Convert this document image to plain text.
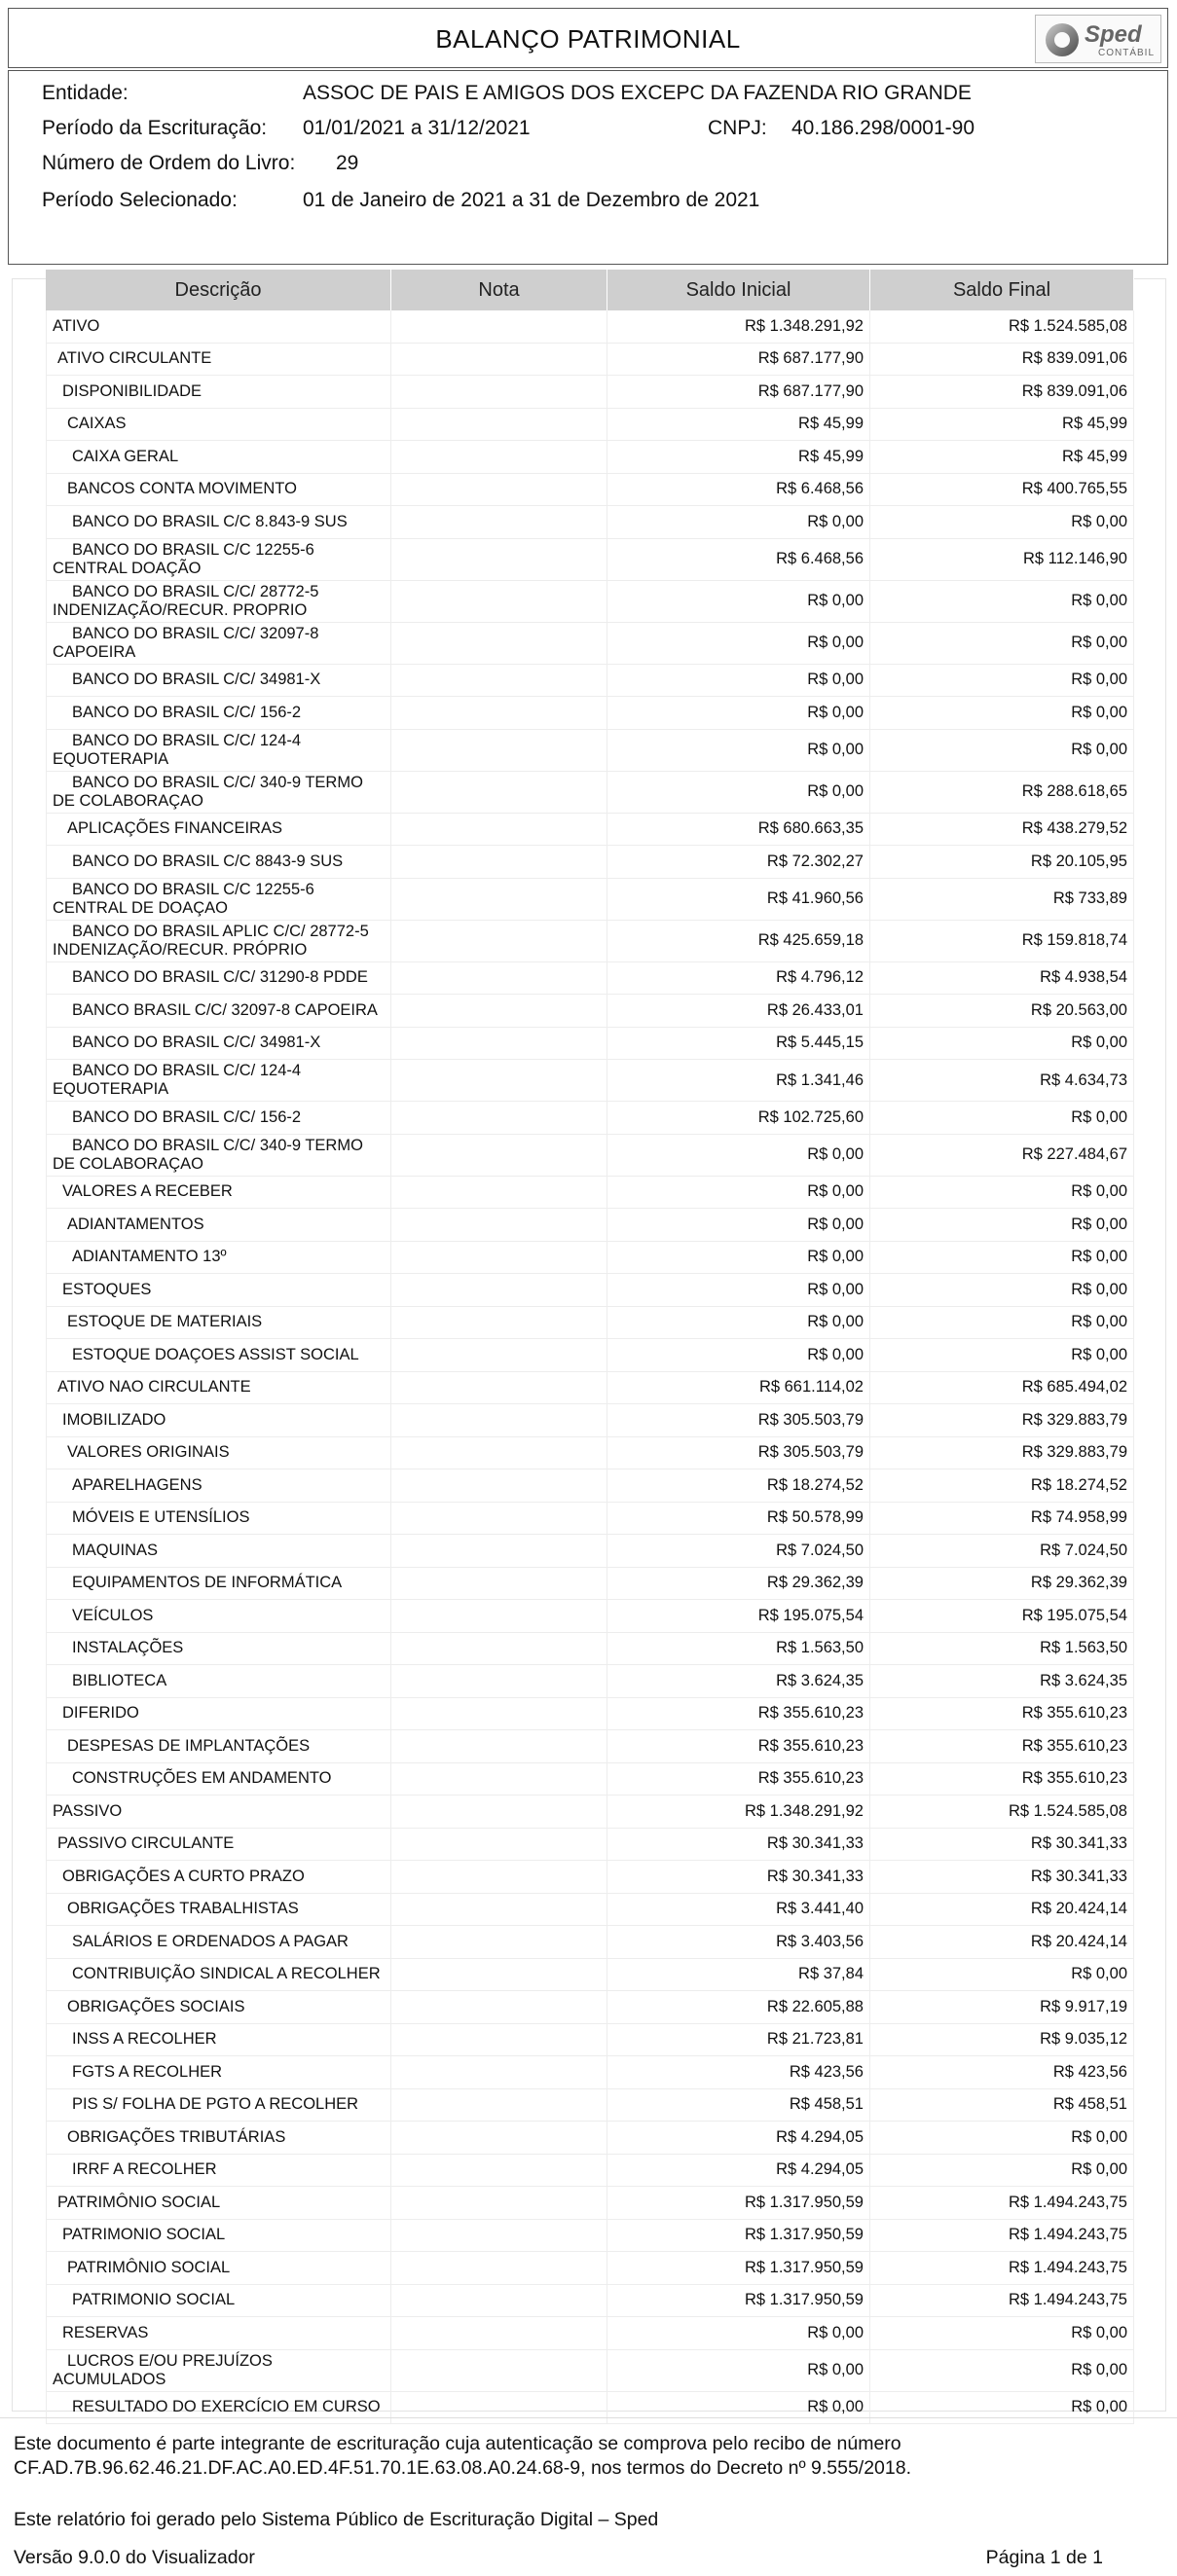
BALANÇO PATRIMONIAL	Sped
CONTÁBIL
Entidade:	ASSOC DE PAIS E AMIGOS DOS EXCEPC DA FAZENDA RIO GRANDE
Período da Escrituração: 01/01/2021 a 31/12/2021	CNPJ: 40.186.298/0001-90
Número de Ordem do Livro: 29
Período Selecionado:	01 de Janeiro de 2021 a 31 de Dezembro de 2021
Descrição	Nota	Saldo Inicial	Saldo Final
ATIVO	R$ 1.348.291,92	R$ 1.524.585,08
ATIVO CIRCULANTE	R$ 687.177,90	R$ 839.091,06
DISPONIBILIDADE	R$ 687.177,90	R$ 839.091,06
CAIXAS	R$ 45,99	R$ 45,99
CAIXA GERAL	R$ 45,99	R$ 45,99
BANCOS CONTA MOVIMENTO	R$ 6.468,56	R$ 400.765,55
BANCO DO BRASIL C/C 8.843-9 SUS	R$ 0,00	R$ 0,00
BANCO DO BRASIL C/C 12255-6
CENTRAL DOAÇÃO
R$ 6.468,56	R$ 112.146,90
BANCO DO BRASIL C/C/ 28772-5
INDENIZAÇÃO/RECUR. PROPRIO
R$ 0,00	R$ 0,00
BANCO DO BRASIL C/C/ 32097-8
CAPOEIRA
R$ 0,00	R$ 0,00
BANCO DO BRASIL C/C/ 34981-X	R$ 0,00	R$ 0,00
BANCO DO BRASIL C/C/ 156-2	R$ 0,00	R$ 0,00
BANCO DO BRASIL C/C/ 124-4
EQUOTERAPIA
R$ 0,00	R$ 0,00
BANCO DO BRASIL C/C/ 340-9 TERMO
DE COLABORAÇAO
R$ 0,00	R$ 288.618,65
APLICAÇÕES FINANCEIRAS	R$ 680.663,35	R$ 438.279,52
BANCO DO BRASIL C/C 8843-9 SUS	R$ 72.302,27	R$ 20.105,95
BANCO DO BRASIL C/C 12255-6
CENTRAL DE DOAÇAO
R$ 41.960,56	R$ 733,89
BANCO DO BRASIL APLIC C/C/ 28772-5
INDENIZAÇÃO/RECUR. PRÓPRIO
R$ 425.659,18	R$ 159.818,74
BANCO DO BRASIL C/C/ 31290-8 PDDE	R$ 4.796,12	R$ 4.938,54
BANCO BRASIL C/C/ 32097-8 CAPOEIRA	R$ 26.433,01	R$ 20.563,00
BANCO DO BRASIL C/C/ 34981-X	R$ 5.445,15	R$ 0,00
BANCO DO BRASIL C/C/ 124-4
EQUOTERAPIA
R$ 1.341,46	R$ 4.634,73
BANCO DO BRASIL C/C/ 156-2	R$ 102.725,60	R$ 0,00
BANCO DO BRASIL C/C/ 340-9 TERMO
DE COLABORAÇAO
R$ 0,00	R$ 227.484,67
VALORES A RECEBER	R$ 0,00	R$ 0,00
ADIANTAMENTOS	R$ 0,00	R$ 0,00
ADIANTAMENTO 13º	R$ 0,00	R$ 0,00
ESTOQUES	R$ 0,00	R$ 0,00
ESTOQUE DE MATERIAIS	R$ 0,00	R$ 0,00
ESTOQUE DOAÇOES ASSIST SOCIAL	R$ 0,00	R$ 0,00
ATIVO NAO CIRCULANTE	R$ 661.114,02	R$ 685.494,02
IMOBILIZADO	R$ 305.503,79	R$ 329.883,79
VALORES ORIGINAIS	R$ 305.503,79	R$ 329.883,79
APARELHAGENS	R$ 18.274,52	R$ 18.274,52
MÓVEIS E UTENSÍLIOS	R$ 50.578,99	R$ 74.958,99
MAQUINAS	R$ 7.024,50	R$ 7.024,50
EQUIPAMENTOS DE INFORMÁTICA	R$ 29.362,39	R$ 29.362,39
VEÍCULOS	R$ 195.075,54	R$ 195.075,54
INSTALAÇÕES	R$ 1.563,50	R$ 1.563,50
BIBLIOTECA	R$ 3.624,35	R$ 3.624,35
DIFERIDO	R$ 355.610,23	R$ 355.610,23
DESPESAS DE IMPLANTAÇÕES	R$ 355.610,23	R$ 355.610,23
CONSTRUÇÕES EM ANDAMENTO	R$ 355.610,23	R$ 355.610,23
PASSIVO	R$ 1.348.291,92	R$ 1.524.585,08
PASSIVO CIRCULANTE	R$ 30.341,33	R$ 30.341,33
OBRIGAÇÕES A CURTO PRAZO	R$ 30.341,33	R$ 30.341,33
OBRIGAÇÕES TRABALHISTAS	R$ 3.441,40	R$ 20.424,14
SALÁRIOS E ORDENADOS A PAGAR	R$ 3.403,56	R$ 20.424,14
CONTRIBUIÇÃO SINDICAL A RECOLHER	R$ 37,84	R$ 0,00
OBRIGAÇÕES SOCIAIS	R$ 22.605,88	R$ 9.917,19
INSS A RECOLHER	R$ 21.723,81	R$ 9.035,12
FGTS A RECOLHER	R$ 423,56	R$ 423,56
PIS S/ FOLHA DE PGTO A RECOLHER	R$ 458,51	R$ 458,51
OBRIGAÇÕES TRIBUTÁRIAS	R$ 4.294,05	R$ 0,00
IRRF A RECOLHER	R$ 4.294,05	R$ 0,00
PATRIMÔNIO SOCIAL	R$ 1.317.950,59	R$ 1.494.243,75
PATRIMONIO SOCIAL	R$ 1.317.950,59	R$ 1.494.243,75
PATRIMÔNIO SOCIAL	R$ 1.317.950,59	R$ 1.494.243,75
PATRIMONIO SOCIAL	R$ 1.317.950,59	R$ 1.494.243,75
RESERVAS	R$ 0,00	R$ 0,00
LUCROS E/OU PREJUÍZOS
ACUMULADOS
R$ 0,00	R$ 0,00
RESULTADO DO EXERCÍCIO EM CURSO	R$ 0,00	R$ 0,00
Este documento é parte integrante de escrituração cuja autenticação se comprova pelo recibo de número
CF.AD.7B.96.62.46.21.DF.AC.A0.ED.4F.51.70.1E.63.08.A0.24.68-9, nos termos do Decreto nº 9.555/2018.
Este relatório foi gerado pelo Sistema Público de Escrituração Digital – Sped
Versão 9.0.0 do Visualizador	Página 1 de 1
